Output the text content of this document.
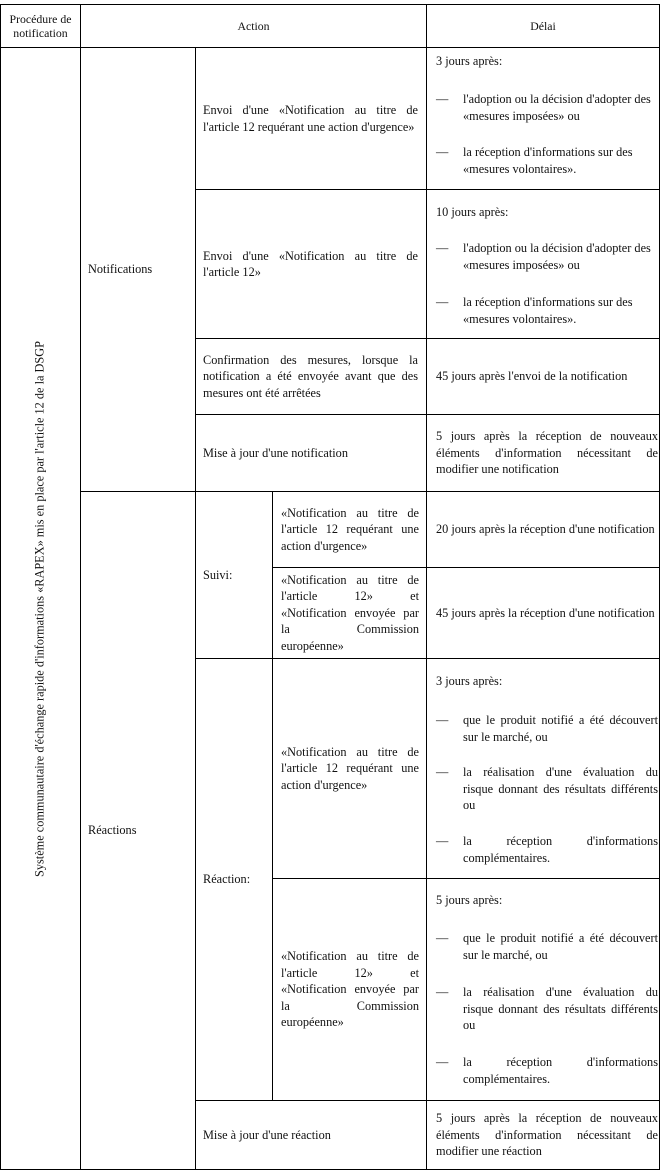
Procédure de
notification	Action	Délai
Système communautaire d'échange rapide d'informations «RAPEX» mis en place par l'article 12 de la DSGP
Notifications
Envoi d'une «Notification au titre de l'article 12 requérant une action d'urgence»
3 jours après:
— l'adoption ou la décision d'adopter des «mesures imposées» ou
— la réception d'informations sur des «mesures volontaires».
Envoi d'une «Notification au titre de l'article 12»
10 jours après:
— l'adoption ou la décision d'adopter des «mesures imposées» ou
— la réception d'informations sur des «mesures volontaires».
Confirmation des mesures, lorsque la notification a été envoyée avant que des mesures ont été arrêtées
45 jours après l'envoi de la notification
Mise à jour d'une notification
5 jours après la réception de nouveaux éléments d'information nécessitant de modifier une notification
Réactions
Suivi:
«Notification au titre de l'article 12 requérant une action d'urgence»
20 jours après la réception d'une notification
«Notification au titre de l'article 12» et «Notification envoyée par la Commission européenne»
45 jours après la réception d'une notification
Réaction:
«Notification au titre de l'article 12 requérant une action d'urgence»
3 jours après:
— que le produit notifié a été découvert sur le marché, ou
— la réalisation d'une évaluation du risque donnant des résultats différents ou
— la réception d'informations complémentaires.
«Notification au titre de l'article 12» et «Notification envoyée par la Commission européenne»
5 jours après:
— que le produit notifié a été découvert sur le marché, ou
— la réalisation d'une évaluation du risque donnant des résultats différents ou
— la réception d'informations complémentaires.
Mise à jour d'une réaction
5 jours après la réception de nouveaux éléments d'information nécessitant de modifier une réaction
